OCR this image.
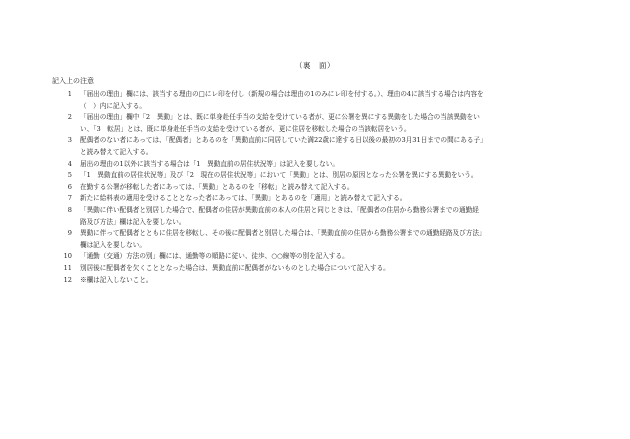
（裏　面）
記入上の注意
1	「届出の理由」欄には、該当する理由の□にレ印を付し（新規の場合は理由の1のみにレ印を付する。）、理由の4に該当する場合は内容を
（　）内に記入する。
2	「届出の理由」欄中「2　異動」とは、既に単身赴任手当の支給を受けている者が、更に公署を異にする異動をした場合の当該異動をい
い、「3　転居」とは、既に単身赴任手当の支給を受けている者が、更に住居を移転した場合の当該転居をいう。
3	配偶者のない者にあっては、「配偶者」とあるのを「異動直前に同居していた満22歳に達する日以後の最初の3月31日までの間にある子」
と読み替えて記入する。
4	届出の理由の1以外に該当する場合は「1　異動直前の居住状況等」は記入を要しない。
5	「1　異動直前の居住状況等」及び「2　現在の居住状況等」において「異動」とは、別居の原因となった公署を異にする異動をいう。
6	在勤する公署が移転した者にあっては、「異動」とあるのを「移転」と読み替えて記入する。
7	新たに給料表の適用を受けることとなった者にあっては、「異動」とあるのを「適用」と読み替えて記入する。
8	「異動に伴い配偶者と別居した場合で、配偶者の住居が異動直前の本人の住居と同じときは、「配偶者の住居から勤務公署までの通勤経
路及び方法」欄は記入を要しない。
9	異動に伴って配偶者とともに住居を移転し、その後に配偶者と別居した場合は、「異動直前の住居から勤務公署までの通勤経路及び方法」
欄は記入を要しない。
10	「通勤（交通）方法の別」欄には、通勤等の順路に従い、徒歩、○○線等の別を記入する。
11	別居後に配偶者を欠くこととなった場合は、異動直前に配偶者がないものとした場合について記入する。
12	※欄は記入しないこと。
